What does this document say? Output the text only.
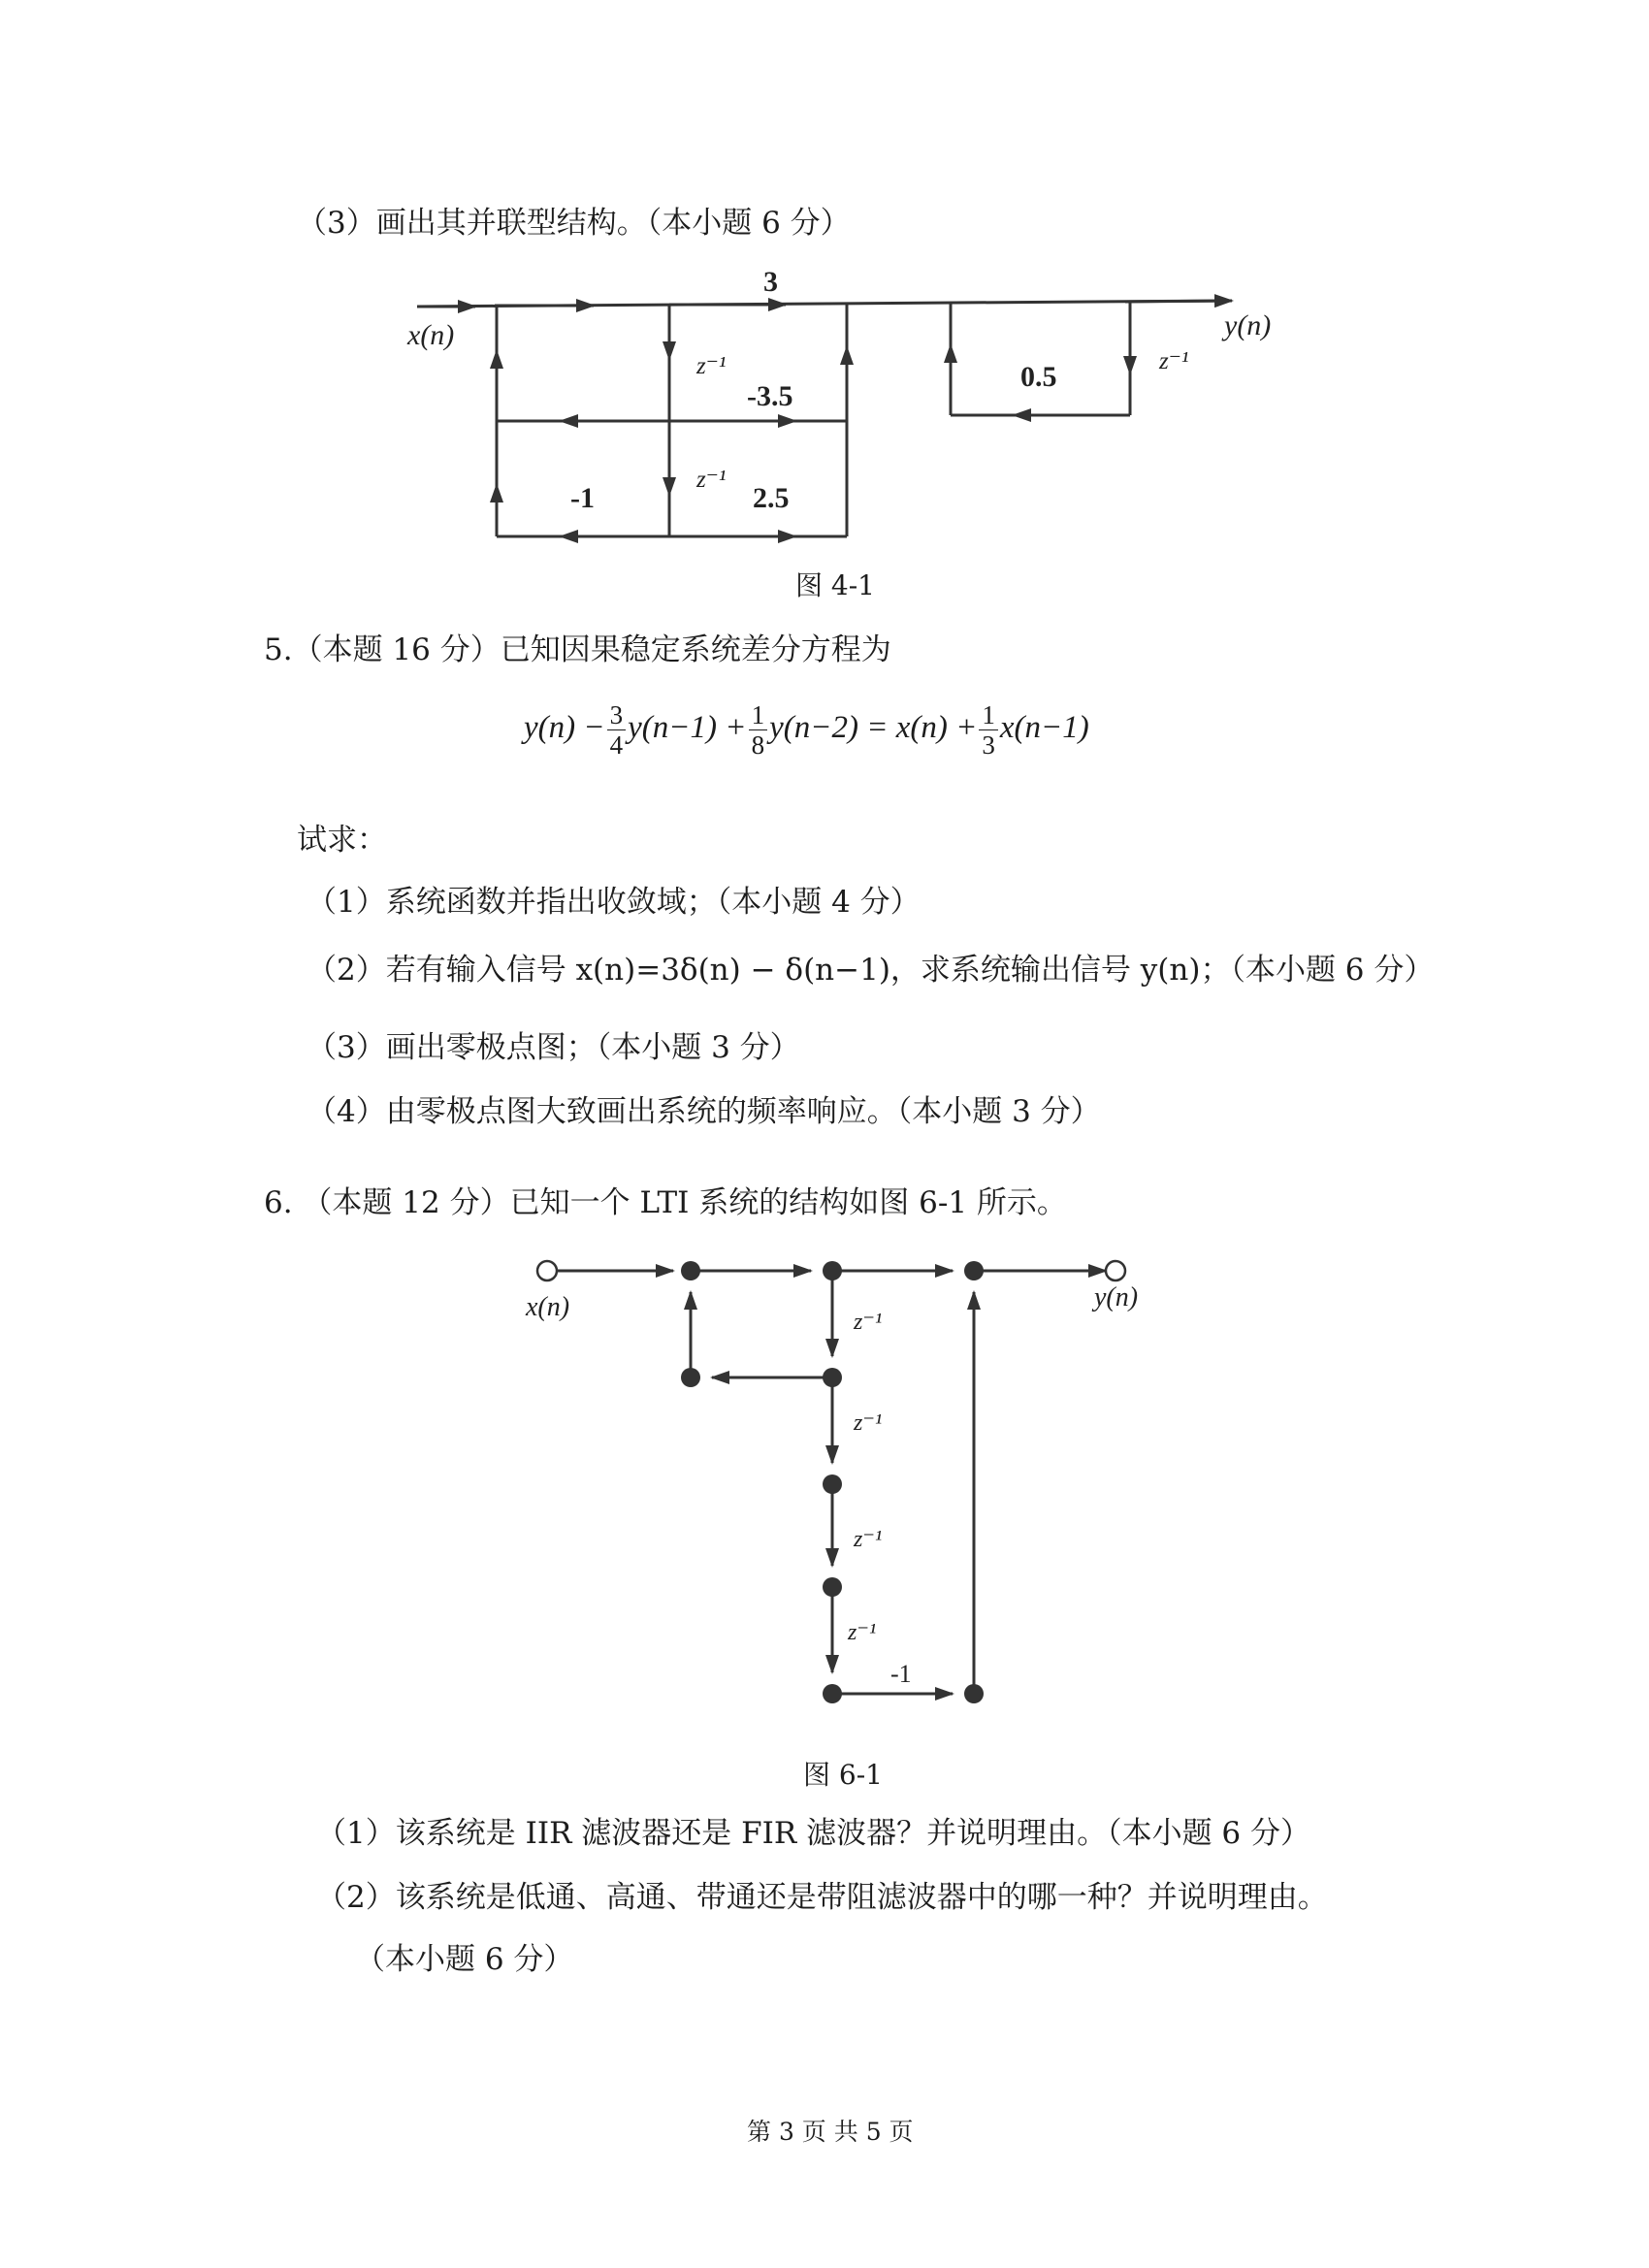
（3）画出其并联型结构。（本小题 6 分）
x(n)	y(n)
3
-3.5
-1	2.5
0.5
z⁻¹
z⁻¹
z⁻¹
图 4-1
5.（本题 16 分）已知因果稳定系统差分方程为
$y(n) - \frac{3}{4} y(n-1) + \frac{1}{8} y(n-2) = x(n) + \frac{1}{3} x(n-1)$
试求：
（1）系统函数并指出收敛域；（本小题 4 分）
（2）若有输入信号 x(n)=3δ(n) − δ(n−1)，求系统输出信号 y(n)；（本小题 6 分）
（3）画出零极点图；（本小题 3 分）
（4）由零极点图大致画出系统的频率响应。（本小题 3 分）
6. （本题 12 分）已知一个 LTI 系统的结构如图 6-1 所示。
x(n)	y(n)
z⁻¹
z⁻¹
z⁻¹
z⁻¹
-1
图 6-1
（1）该系统是 IIR 滤波器还是 FIR 滤波器？并说明理由。（本小题 6 分）
（2）该系统是低通、高通、带通还是带阻滤波器中的哪一种？并说明理由。
（本小题 6 分）
第 3 页 共 5 页
